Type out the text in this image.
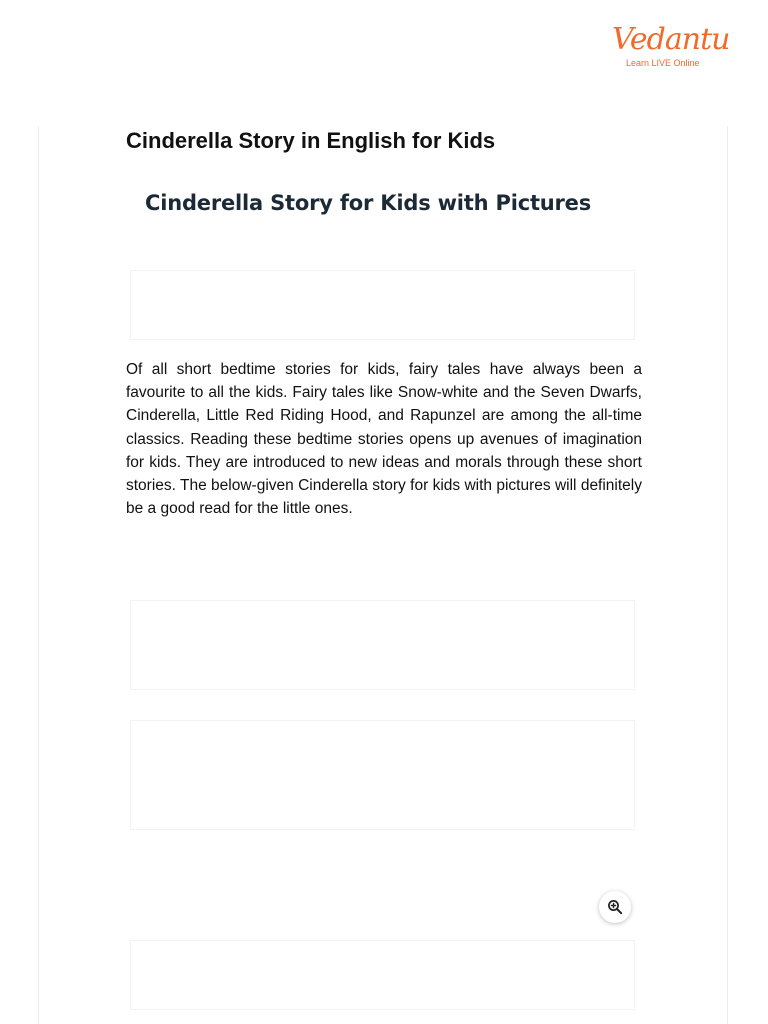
Vedantu
Learn LIVE Online
Cinderella Story in English for Kids
Cinderella Story for Kids with Pictures

Of all short bedtime stories for kids, fairy tales have always been a favourite to all the kids. Fairy tales like Snow-white and the Seven Dwarfs, Cinderella, Little Red Riding Hood, and Rapunzel are among the all-time classics. Reading these bedtime stories opens up avenues of imagination for kids. They are introduced to new ideas and morals through these short stories. The below-given Cinderella story for kids with pictures will definitely be a good read for the little ones.
